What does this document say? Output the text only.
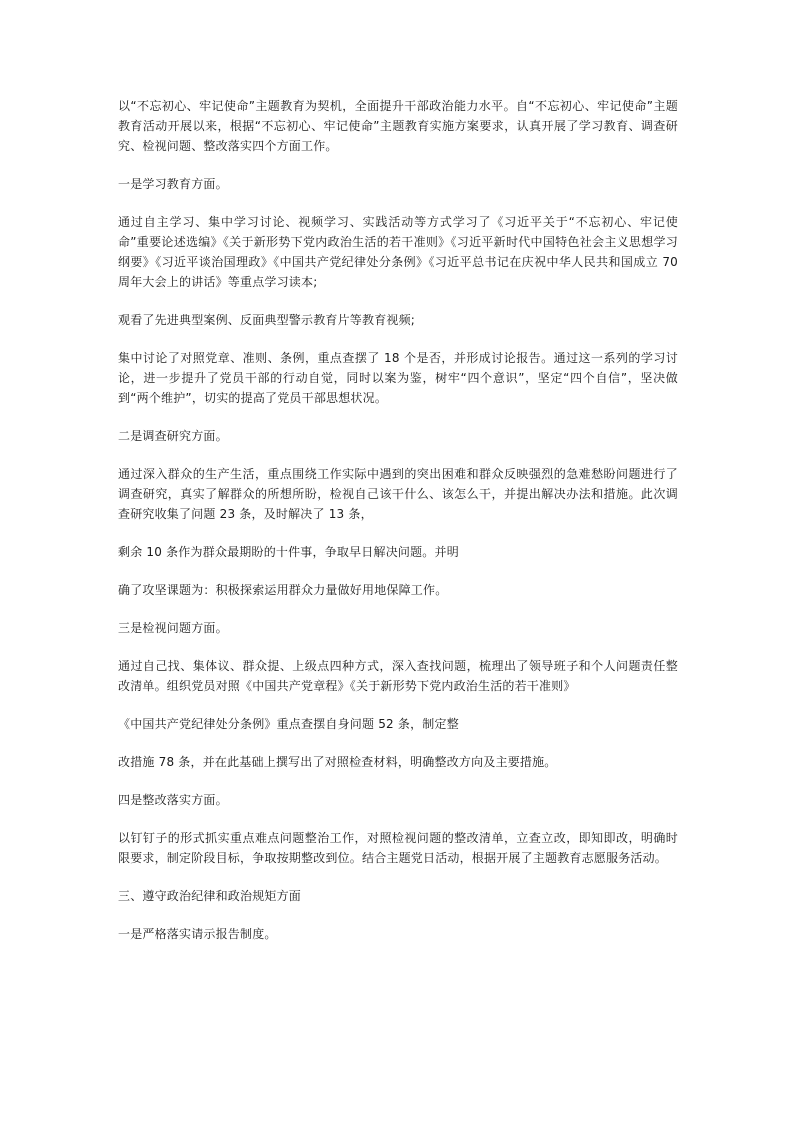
以“不忘初心、牢记使命”主题教育为契机，全面提升干部政治能力水平。自“不忘初心、牢记使命”主题教育活动开展以来，根据“不忘初心、牢记使命”主题教育实施方案要求，认真开展了学习教育、调查研究、检视问题、整改落实四个方面工作。

一是学习教育方面。

通过自主学习、集中学习讨论、视频学习、实践活动等方式学习了《习近平关于“不忘初心、牢记使命”重要论述选编》《关于新形势下党内政治生活的若干准则》《习近平新时代中国特色社会主义思想学习纲要》《习近平谈治国理政》《中国共产党纪律处分条例》《习近平总书记在庆祝中华人民共和国成立 70 周年大会上的讲话》等重点学习读本;

观看了先进典型案例、反面典型警示教育片等教育视频;

集中讨论了对照党章、准则、条例，重点查摆了 18 个是否，并形成讨论报告。通过这一系列的学习讨论，进一步提升了党员干部的行动自觉，同时以案为鉴，树牢“四个意识”，坚定“四个自信”，坚决做到“两个维护”，切实的提高了党员干部思想状况。

二是调查研究方面。

通过深入群众的生产生活，重点围绕工作实际中遇到的突出困难和群众反映强烈的急难愁盼问题进行了调查研究，真实了解群众的所想所盼，检视自己该干什么、该怎么干，并提出解决办法和措施。此次调查研究收集了问题 23 条，及时解决了 13 条，

剩余 10 条作为群众最期盼的十件事，争取早日解决问题。并明

确了攻坚课题为：积极探索运用群众力量做好用地保障工作。

三是检视问题方面。

通过自己找、集体议、群众提、上级点四种方式，深入查找问题，梳理出了领导班子和个人问题责任整改清单。组织党员对照《中国共产党章程》《关于新形势下党内政治生活的若干准则》

《中国共产党纪律处分条例》重点查摆自身问题 52 条，制定整

改措施 78 条，并在此基础上撰写出了对照检查材料，明确整改方向及主要措施。

四是整改落实方面。

以钉钉子的形式抓实重点难点问题整治工作，对照检视问题的整改清单，立查立改，即知即改，明确时限要求，制定阶段目标，争取按期整改到位。结合主题党日活动，根据开展了主题教育志愿服务活动。

三、遵守政治纪律和政治规矩方面

一是严格落实请示报告制度。
